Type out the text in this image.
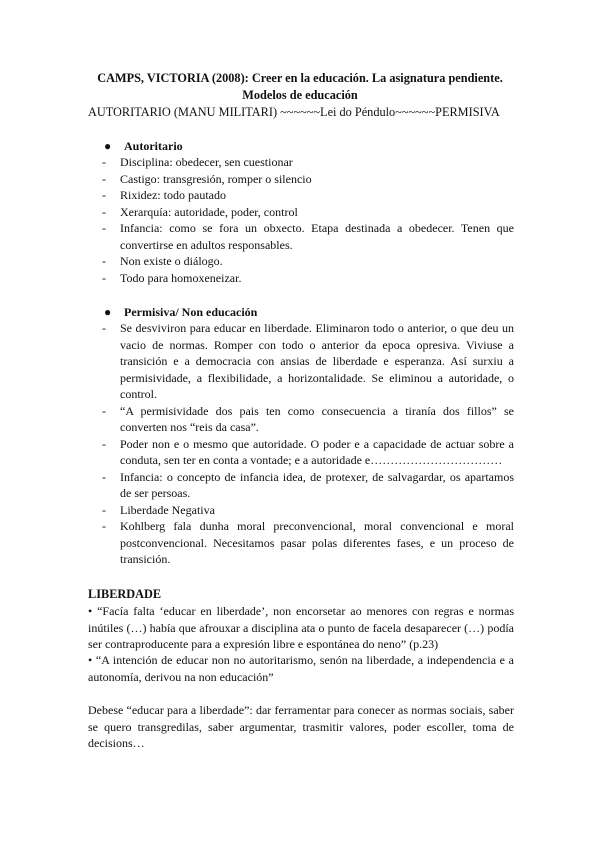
CAMPS, VICTORIA (2008): Creer en la educación. La asignatura pendiente.
Modelos de educación
AUTORITARIO (MANU MILITARI) ~~~~~~Lei do Péndulo~~~~~~PERMISIVA
● Autoritario
- Disciplina: obedecer, sen cuestionar
- Castigo: transgresión, romper o silencio
- Rixidez: todo pautado
- Xerarquía: autoridade, poder, control
- Infancia: como se fora un obxecto. Etapa destinada a obedecer. Tenen que convertirse en adultos responsables.
- Non existe o diálogo.
- Todo para homoxeneizar.
● Permisiva/ Non educación
- Se desviviron para educar en liberdade. Eliminaron todo o anterior, o que deu un vacio de normas. Romper con todo o anterior da epoca opresiva. Viviuse a transición e a democracia con ansias de liberdade e esperanza. Así surxiu a permisividade, a flexibilidade, a horizontalidade. Se eliminou a autoridade, o control.
- “A permisividade dos pais ten como consecuencia a tiranía dos fillos” se converten nos “reis da casa”.
- Poder non e o mesmo que autoridade. O poder e a capacidade de actuar sobre a conduta, sen ter en conta a vontade; e a autoridade e……………………………
- Infancia: o concepto de infancia idea, de protexer, de salvagardar, os apartamos de ser persoas.
- Liberdade Negativa
- Kohlberg fala dunha moral preconvencional, moral convencional e moral postconvencional. Necesitamos pasar polas diferentes fases, e un proceso de transición.
LIBERDADE

• “Facía falta ‘educar en liberdade’, non encorsetar ao menores con regras e normas inútiles (…) había que afrouxar a disciplina ata o punto de facela desaparecer (…) podía ser contraproducente para a expresión libre e espontánea do neno” (p.23)

• “A intención de educar non no autoritarismo, senón na liberdade, a independencia e a autonomía, derivou na non educación”

Debese “educar para a liberdade”: dar ferramentar para conecer as normas sociais, saber se quero transgredilas, saber argumentar, trasmitir valores, poder escoller, toma de decisions…
